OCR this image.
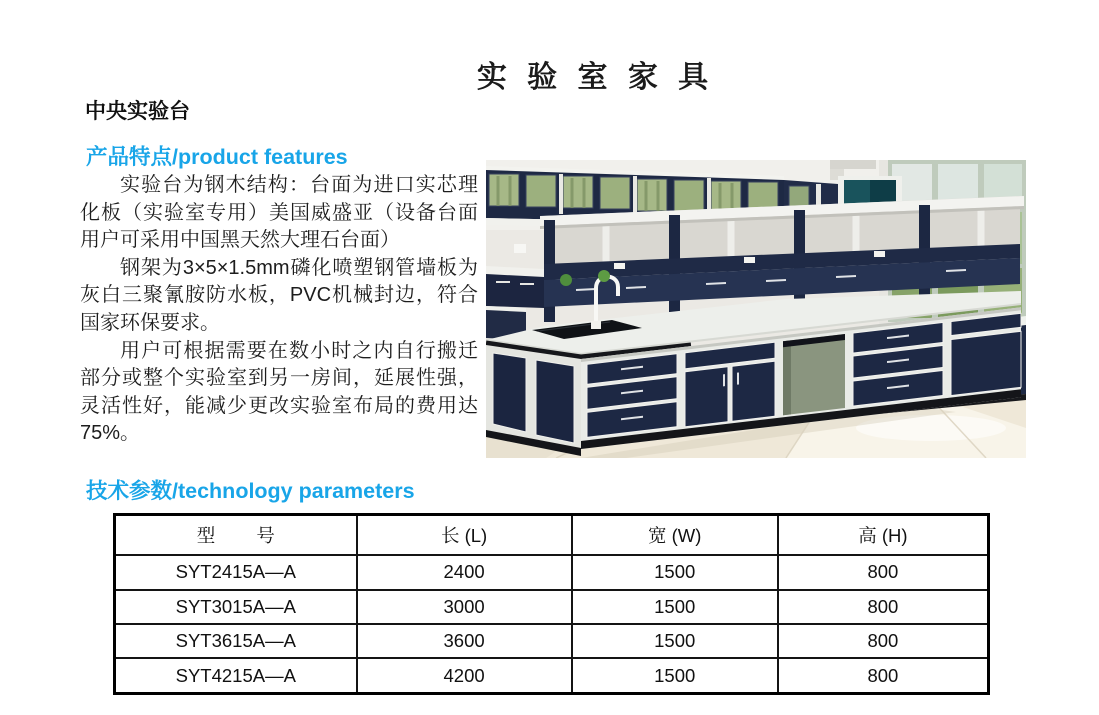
实 验 室 家 具
中央实验台
产品特点/product features

实验台为钢木结构：台面为进口实芯理化板（实验室专用）美国威盛亚（设备台面用户可采用中国黑天然大理石台面）

钢架为3×5×1.5mm磷化喷塑钢管墙板为灰白三聚氰胺防水板，PVC机械封边，符合国家环保要求。

用户可根据需要在数小时之内自行搬迁部分或整个实验室到另一房间，延展性强，灵活性好，能减少更改实验室布局的费用达75%。

技术参数/technology parameters
型        号	长 (L)	宽 (W)	高 (H)
SYT2415A—A	2400	1500	800
SYT3015A—A	3000	1500	800
SYT3615A—A	3600	1500	800
SYT4215A—A	4200	1500	800
